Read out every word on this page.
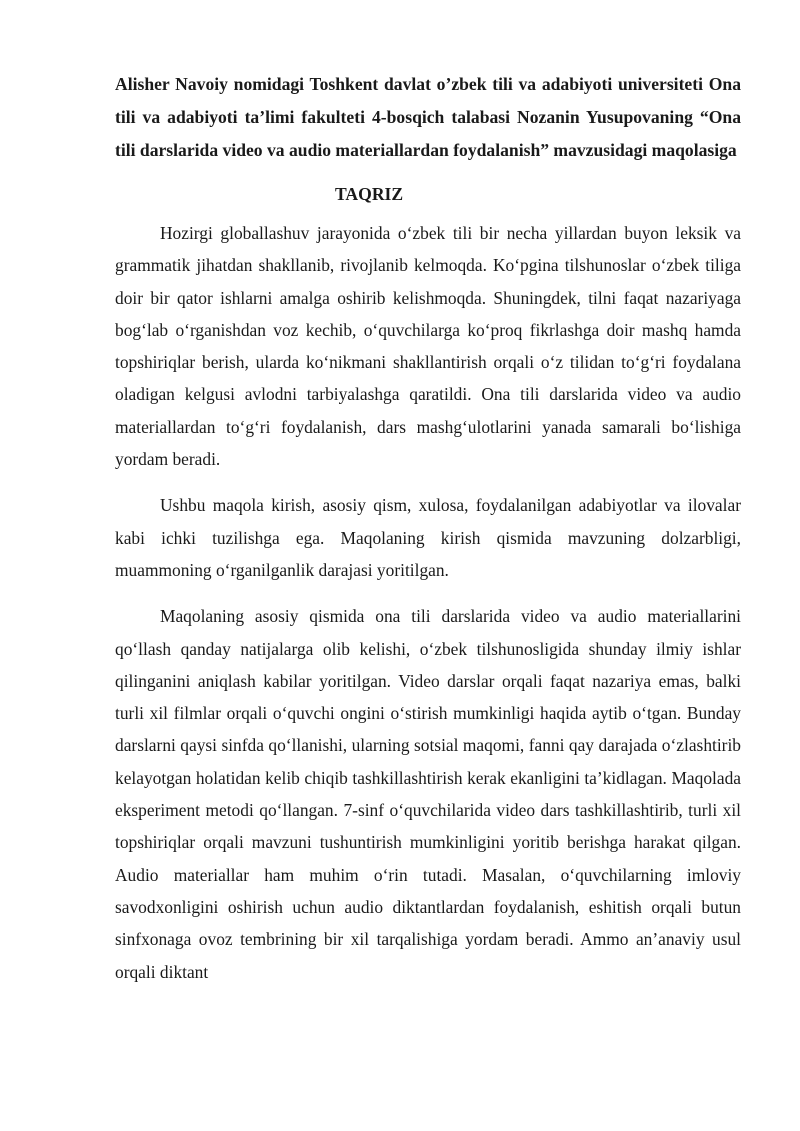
Alisher Navoiy nomidagi Toshkent davlat o’zbek tili va adabiyoti universiteti Ona tili va adabiyoti ta’limi fakulteti 4-bosqich talabasi Nozanin Yusupovaning “Ona tili darslarida video va audio materiallardan foydalanish” mavzusidagi maqolasiga

TAQRIZ

Hozirgi globallashuv jarayonida o‘zbek tili bir necha yillardan buyon leksik va grammatik jihatdan shakllanib, rivojlanib kelmoqda. Ko‘pgina tilshunoslar o‘zbek tiliga doir bir qator ishlarni amalga oshirib kelishmoqda. Shuningdek, tilni faqat nazariyaga bog‘lab o‘rganishdan voz kechib, o‘quvchilarga ko‘proq fikrlashga doir mashq hamda topshiriqlar berish, ularda ko‘nikmani shakllantirish orqali o‘z tilidan to‘g‘ri foydalana oladigan kelgusi avlodni tarbiyalashga qaratildi. Ona tili darslarida video va audio materiallardan to‘g‘ri foydalanish, dars mashg‘ulotlarini yanada samarali bo‘lishiga yordam beradi.

Ushbu maqola kirish, asosiy qism, xulosa, foydalanilgan adabiyotlar va ilovalar kabi ichki tuzilishga ega. Maqolaning kirish qismida mavzuning dolzarbligi, muammoning o‘rganilganlik darajasi yoritilgan.

Maqolaning asosiy qismida ona tili darslarida video va audio materiallarini qo‘llash qanday natijalarga olib kelishi, o‘zbek tilshunosligida shunday ilmiy ishlar qilinganini aniqlash kabilar yoritilgan. Video darslar orqali faqat nazariya emas, balki turli xil filmlar orqali o‘quvchi ongini o‘stirish mumkinligi haqida aytib o‘tgan. Bunday darslarni qaysi sinfda qo‘llanishi, ularning sotsial maqomi, fanni qay darajada o‘zlashtirib kelayotgan holatidan kelib chiqib tashkillashtirish kerak ekanligini ta’kidlagan. Maqolada eksperiment metodi qo‘llangan. 7-sinf o‘quvchilarida video dars tashkillashtirib, turli xil topshiriqlar orqali mavzuni tushuntirish mumkinligini yoritib berishga harakat qilgan. Audio materiallar ham muhim o‘rin tutadi. Masalan, o‘quvchilarning imloviy savodxonligini oshirish uchun audio diktantlardan foydalanish, eshitish orqali butun sinfxonaga ovoz tembrining bir xil tarqalishiga yordam beradi. Ammo an’anaviy usul orqali diktant
